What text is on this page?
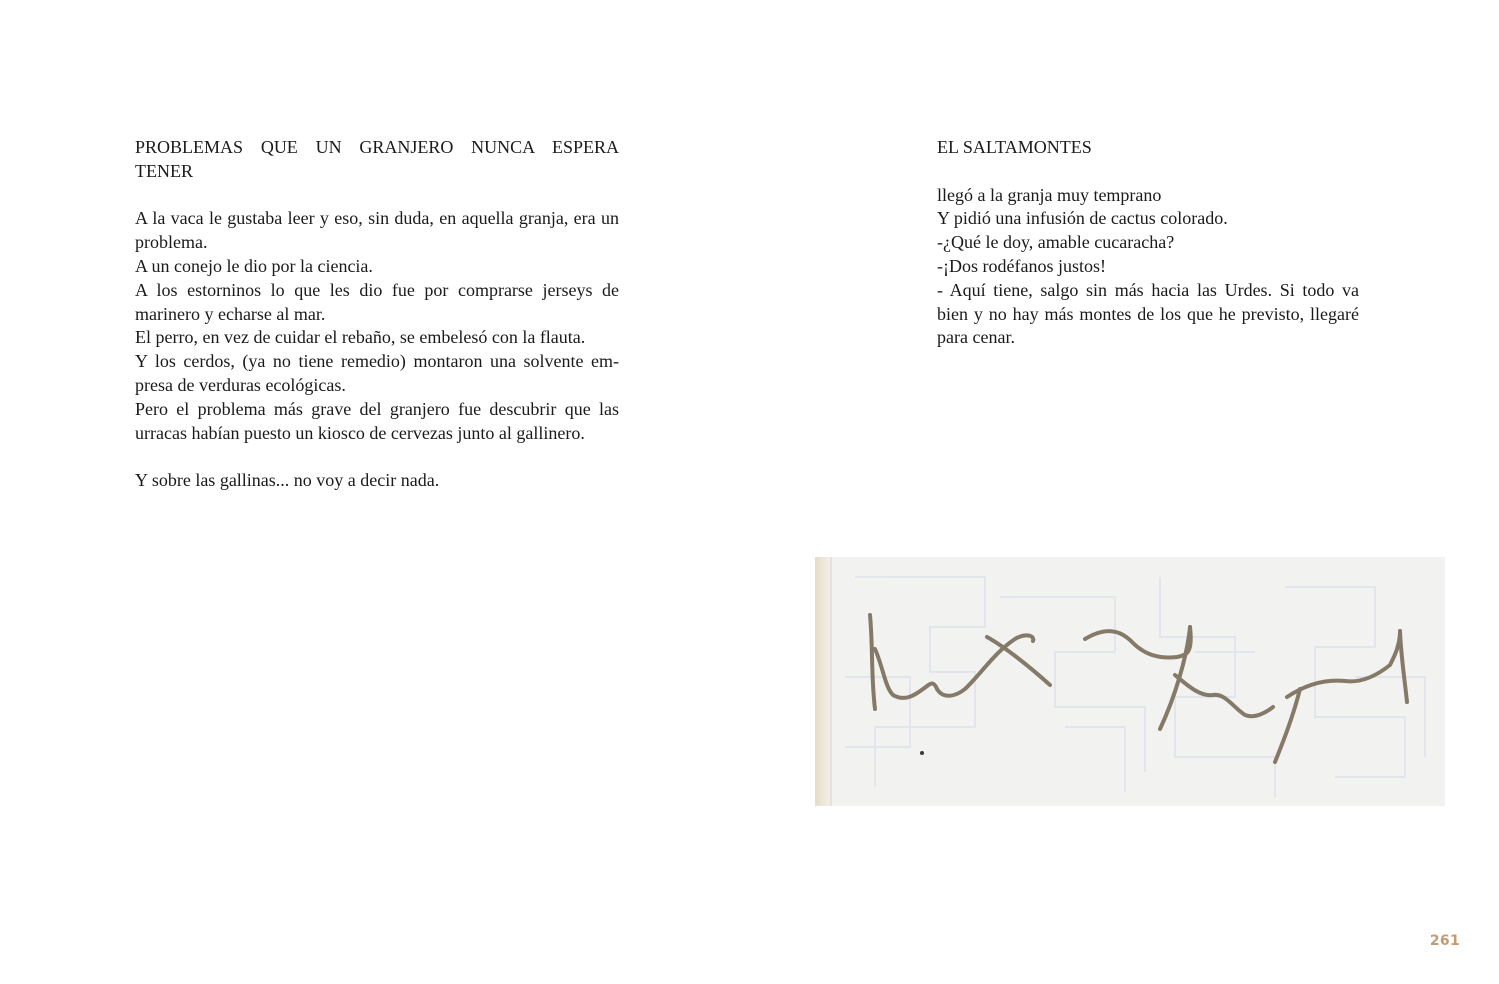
PROBLEMAS QUE UN GRANJERO NUNCA ESPERA
TENER

A la vaca le gustaba leer y eso, sin duda, en aquella granja, era un problema.

A un conejo le dio por la ciencia.

A los estorninos lo que les dio fue por comprarse jerseys de marinero y echarse al mar.

El perro, en vez de cuidar el rebaño, se embelesó con la flauta.

Y los cerdos, (ya no tiene remedio) montaron una solvente empresa de verduras ecológicas.

Pero el problema más grave del granjero fue descubrir que las urracas habían puesto un kiosco de cervezas junto al gallinero.

Y sobre las gallinas... no voy a decir nada.

EL SALTAMONTES

llegó a la granja muy temprano

Y pidió una infusión de cactus colorado.

-¿Qué le doy, amable cucaracha?

-¡Dos rodéfanos justos!

- Aquí tiene, salgo sin más hacia las Urdes. Si todo va bien y no hay más montes de los que he previsto, llegaré para cenar.

261
